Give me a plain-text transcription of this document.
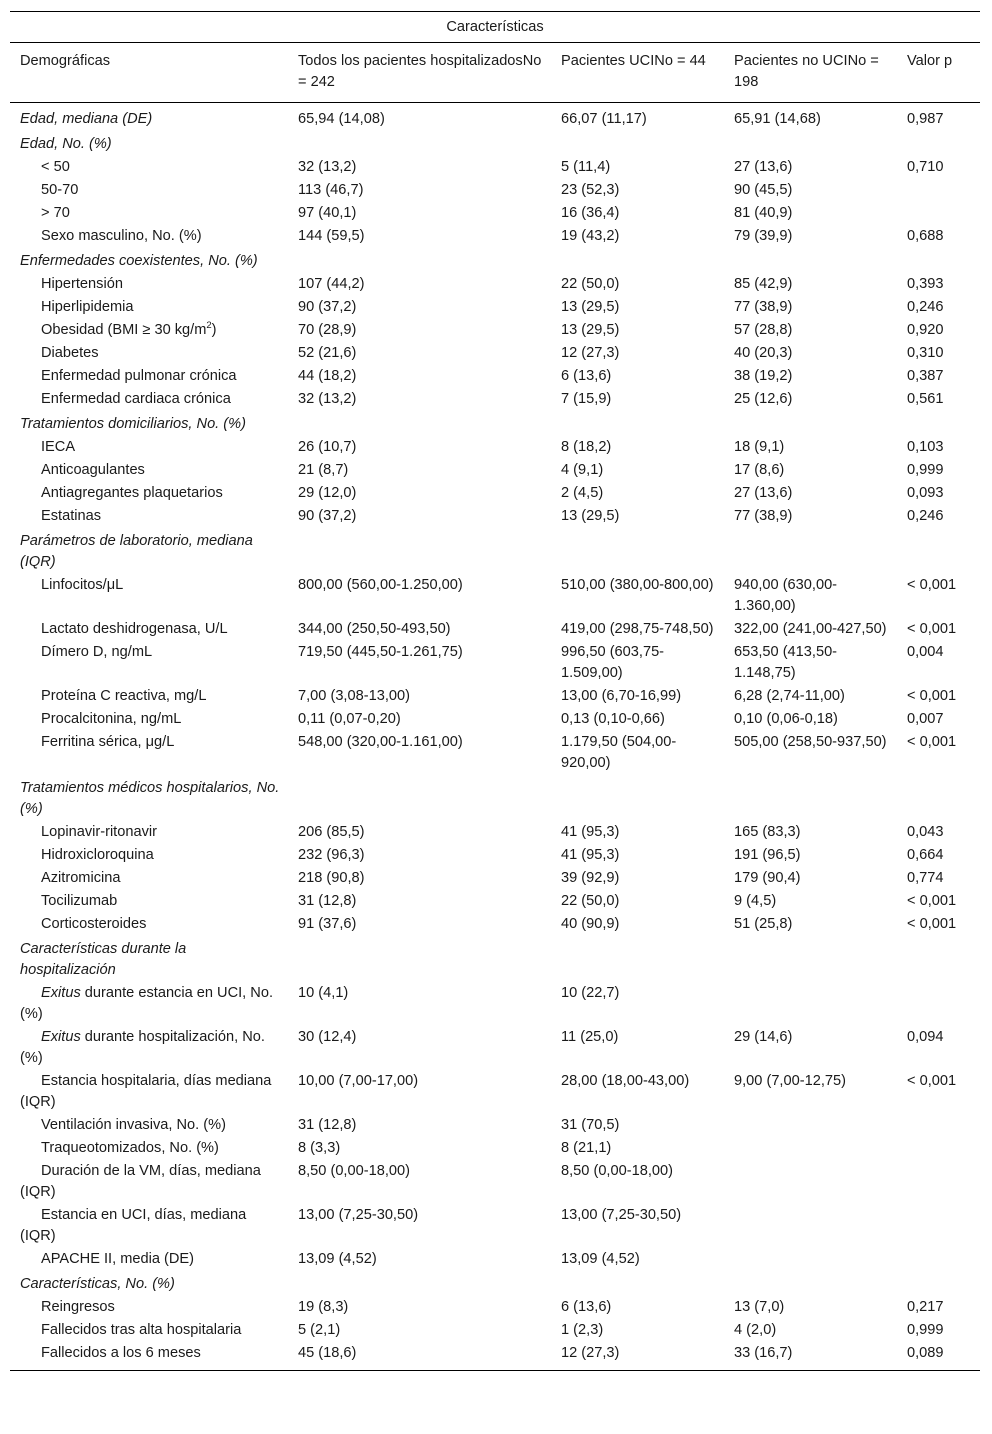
Características
Demográficas	Todos los pacientes hospitalizadosNo = 242	Pacientes UCINo = 44	Pacientes no UCINo = 198	Valor p
Edad, mediana (DE)	65,94 (14,08)	66,07 (11,17)	65,91 (14,68)	0,987
Edad, No. (%)				
< 50	32 (13,2)	5 (11,4)	27 (13,6)	0,710
50-70	113 (46,7)	23 (52,3)	90 (45,5)	
> 70	97 (40,1)	16 (36,4)	81 (40,9)	
Sexo masculino, No. (%)	144 (59,5)	19 (43,2)	79 (39,9)	0,688
Enfermedades coexistentes, No. (%)				
Hipertensión	107 (44,2)	22 (50,0)	85 (42,9)	0,393
Hiperlipidemia	90 (37,2)	13 (29,5)	77 (38,9)	0,246
Obesidad (BMI ≥ 30 $kg/m^2$)	70 (28,9)	13 (29,5)	57 (28,8)	0,920
Diabetes	52 (21,6)	12 (27,3)	40 (20,3)	0,310
Enfermedad pulmonar crónica	44 (18,2)	6 (13,6)	38 (19,2)	0,387
Enfermedad cardiaca crónica	32 (13,2)	7 (15,9)	25 (12,6)	0,561
Tratamientos domiciliarios, No. (%)				
IECA	26 (10,7)	8 (18,2)	18 (9,1)	0,103
Anticoagulantes	21 (8,7)	4 (9,1)	17 (8,6)	0,999
Antiagregantes plaquetarios	29 (12,0)	2 (4,5)	27 (13,6)	0,093
Estatinas	90 (37,2)	13 (29,5)	77 (38,9)	0,246
Parámetros de laboratorio, mediana (IQR)				
Linfocitos/μL	800,00 (560,00-1.250,00)	510,00 (380,00-800,00)	940,00 (630,00-1.360,00)	< 0,001
Lactato deshidrogenasa, U/L	344,00 (250,50-493,50)	419,00 (298,75-748,50)	322,00 (241,00-427,50)	< 0,001
Dímero D, ng/mL	719,50 (445,50-1.261,75)	996,50 (603,75-1.509,00)	653,50 (413,50-1.148,75)	0,004
Proteína C reactiva, mg/L	7,00 (3,08-13,00)	13,00 (6,70-16,99)	6,28 (2,74-11,00)	< 0,001
Procalcitonina, ng/mL	0,11 (0,07-0,20)	0,13 (0,10-0,66)	0,10 (0,06-0,18)	0,007
Ferritina sérica, μg/L	548,00 (320,00-1.161,00)	1.179,50 (504,00-920,00)	505,00 (258,50-937,50)	< 0,001
Tratamientos médicos hospitalarios, No. (%)				
Lopinavir-ritonavir	206 (85,5)	41 (95,3)	165 (83,3)	0,043
Hidroxicloroquina	232 (96,3)	41 (95,3)	191 (96,5)	0,664
Azitromicina	218 (90,8)	39 (92,9)	179 (90,4)	0,774
Tocilizumab	31 (12,8)	22 (50,0)	9 (4,5)	< 0,001
Corticosteroides	91 (37,6)	40 (90,9)	51 (25,8)	< 0,001
Características durante la hospitalización				
Exitus durante estancia en UCI, No. (%)	10 (4,1)	10 (22,7)		
Exitus durante hospitalización, No. (%)	30 (12,4)	11 (25,0)	29 (14,6)	0,094
Estancia hospitalaria, días mediana (IQR)	10,00 (7,00-17,00)	28,00 (18,00-43,00)	9,00 (7,00-12,75)	< 0,001
Ventilación invasiva, No. (%)	31 (12,8)	31 (70,5)		
Traqueotomizados, No. (%)	8 (3,3)	8 (21,1)		
Duración de la VM, días, mediana (IQR)	8,50 (0,00-18,00)	8,50 (0,00-18,00)		
Estancia en UCI, días, mediana (IQR)	13,00 (7,25-30,50)	13,00 (7,25-30,50)		
APACHE II, media (DE)	13,09 (4,52)	13,09 (4,52)		
Características, No. (%)				
Reingresos	19 (8,3)	6 (13,6)	13 (7,0)	0,217
Fallecidos tras alta hospitalaria	5 (2,1)	1 (2,3)	4 (2,0)	0,999
Fallecidos a los 6 meses	45 (18,6)	12 (27,3)	33 (16,7)	0,089
